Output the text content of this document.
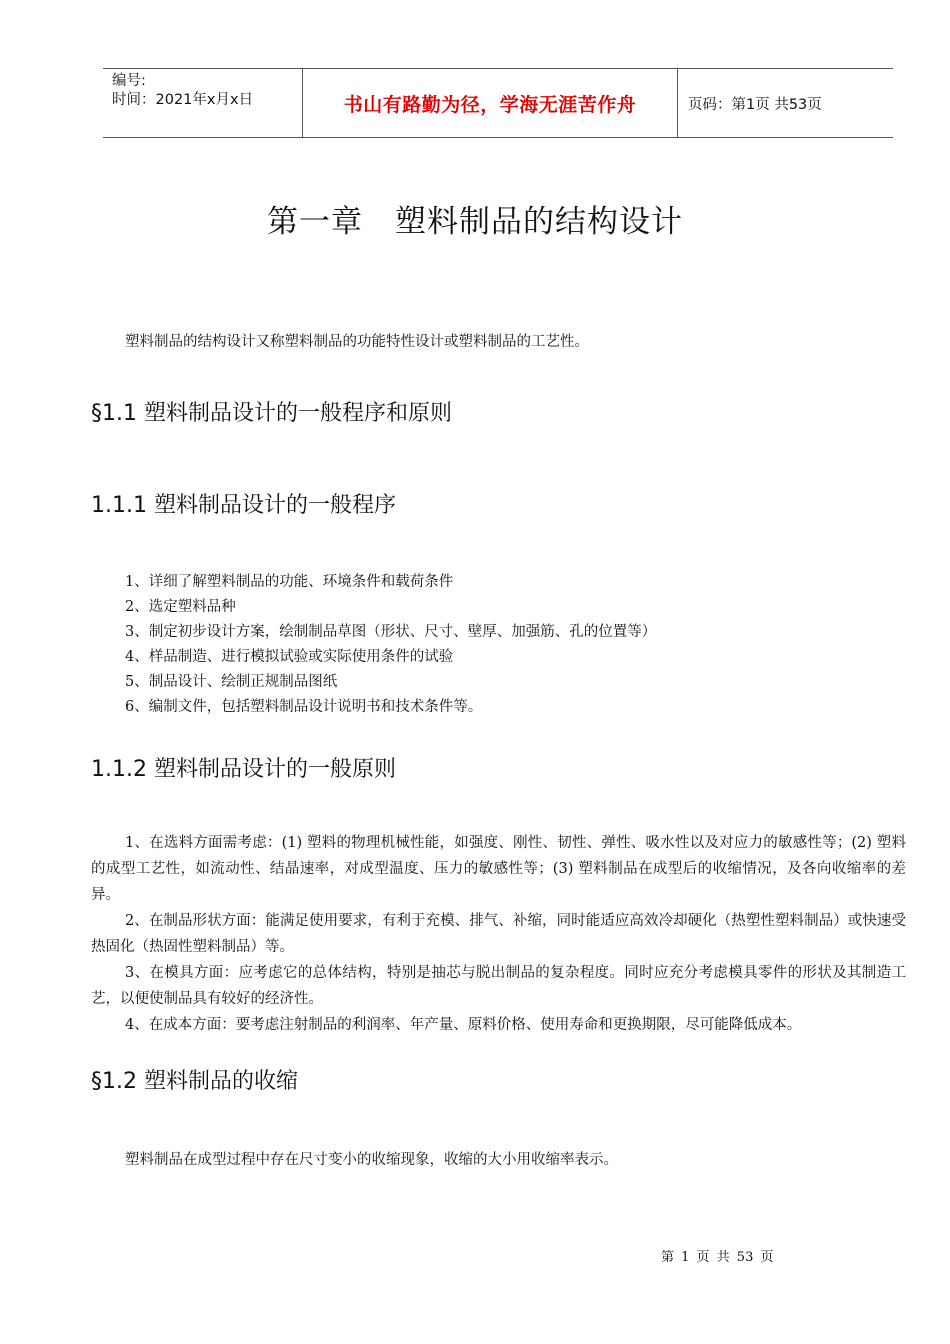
编号:
时间：2021年x月x日	书山有路勤为径，学海无涯苦作舟	页码：第1页 共53页
第一章　塑料制品的结构设计
塑料制品的结构设计又称塑料制品的功能特性设计或塑料制品的工艺性。
§1.1 塑料制品设计的一般程序和原则
1.1.1 塑料制品设计的一般程序
1、详细了解塑料制品的功能、环境条件和载荷条件
2、选定塑料品种
3、制定初步设计方案，绘制制品草图（形状、尺寸、壁厚、加强筋、孔的位置等）
4、样品制造、进行模拟试验或实际使用条件的试验
5、制品设计、绘制正规制品图纸
6、编制文件，包括塑料制品设计说明书和技术条件等。
1.1.2 塑料制品设计的一般原则

1、在选料方面需考虑：(1) 塑料的物理机械性能，如强度、刚性、韧性、弹性、吸水性以及对应力的敏感性等；(2) 塑料的成型工艺性，如流动性、结晶速率，对成型温度、压力的敏感性等；(3) 塑料制品在成型后的收缩情况，及各向收缩率的差异。

2、在制品形状方面：能满足使用要求，有利于充模、排气、补缩，同时能适应高效冷却硬化（热塑性塑料制品）或快速受热固化（热固性塑料制品）等。

3、在模具方面：应考虑它的总体结构，特别是抽芯与脱出制品的复杂程度。同时应充分考虑模具零件的形状及其制造工艺，以便使制品具有较好的经济性。

4、在成本方面：要考虑注射制品的利润率、年产量、原料价格、使用寿命和更换期限，尽可能降低成本。

§1.2 塑料制品的收缩
塑料制品在成型过程中存在尺寸变小的收缩现象，收缩的大小用收缩率表示。
第 1 页 共 53 页
